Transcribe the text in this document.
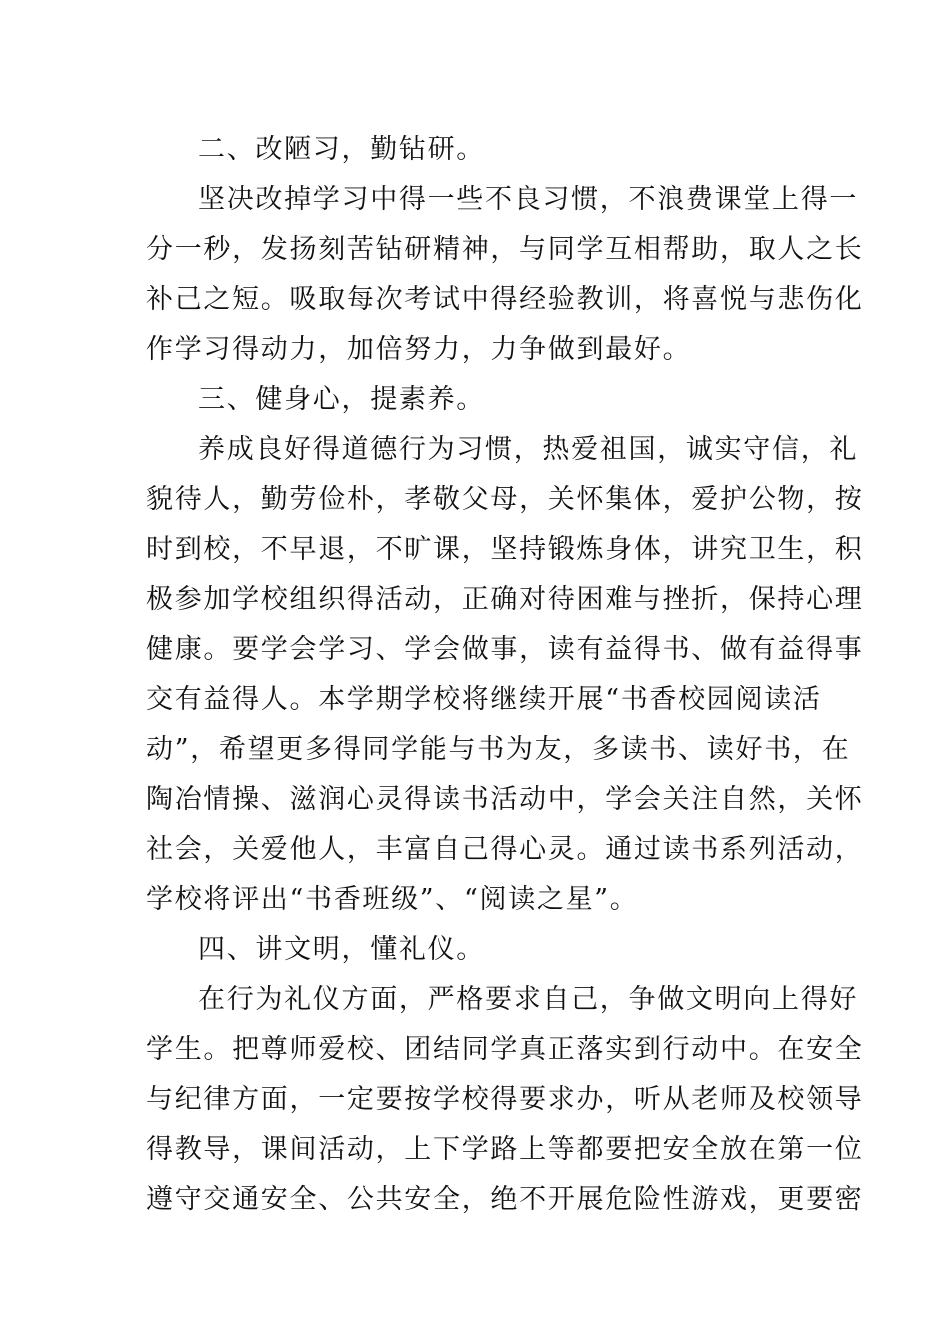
二、改陋习，勤钻研。

坚决改掉学习中得一些不良习惯，不浪费课堂上得一

分一秒，发扬刻苦钻研精神，与同学互相帮助，取人之长

补己之短。吸取每次考试中得经验教训，将喜悦与悲伤化

作学习得动力，加倍努力，力争做到最好。

三、健身心，提素养。

养成良好得道德行为习惯，热爱祖国，诚实守信，礼

貌待人，勤劳俭朴，孝敬父母，关怀集体，爱护公物，按

时到校，不早退，不旷课，坚持锻炼身体，讲究卫生，积

极参加学校组织得活动，正确对待困难与挫折，保持心理

健康。要学会学习、学会做事，读有益得书、做有益得事

交有益得人。本学期学校将继续开展“书香校园阅读活

动”，希望更多得同学能与书为友，多读书、读好书，在

陶冶情操、滋润心灵得读书活动中，学会关注自然，关怀

社会，关爱他人，丰富自己得心灵。通过读书系列活动，

学校将评出“书香班级”、“阅读之星”。

四、讲文明，懂礼仪。

在行为礼仪方面，严格要求自己，争做文明向上得好

学生。把尊师爱校、团结同学真正落实到行动中。在安全

与纪律方面，一定要按学校得要求办，听从老师及校领导

得教导，课间活动，上下学路上等都要把安全放在第一位

遵守交通安全、公共安全，绝不开展危险性游戏，更要密
